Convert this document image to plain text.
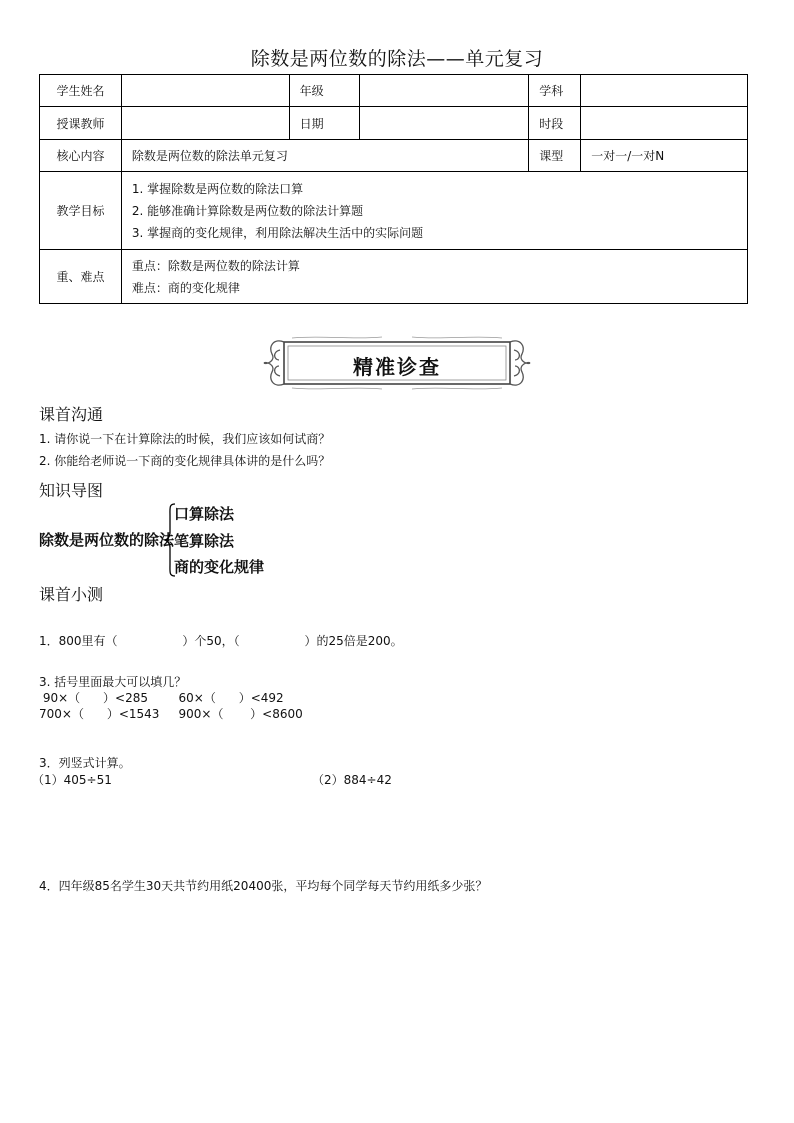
除数是两位数的除法——单元复习
学生姓名		年级		学科	
授课教师		日期		时段	
核心内容	除数是两位数的除法单元复习			课型	一对一/一对N
教学目标	1. 掌握除数是两位数的除法口算
2. 能够准确计算除数是两位数的除法计算题
3. 掌握商的变化规律，利用除法解决生活中的实际问题				

重、难点	重点：除数是两位数的除法计算
难点：商的变化规律				
精准诊查
课首沟通
1. 请你说一下在计算除法的时候，我们应该如何试商？
2. 你能给老师说一下商的变化规律具体讲的是什么吗？
知识导图
除数是两位数的除法
口算除法
笔算除法
商的变化规律
课首小测
1．800里有（                 ）个50，（                 ）的25倍是200。
3. 括号里面最大可以填几？
90×（      ）<285        60×（      ）<492
700×（      ）<1543     900×（       ）<8600
3．列竖式计算。
（1）405÷51	（2）884÷42
4．四年级85名学生30天共节约用纸20400张，平均每个同学每天节约用纸多少张？
